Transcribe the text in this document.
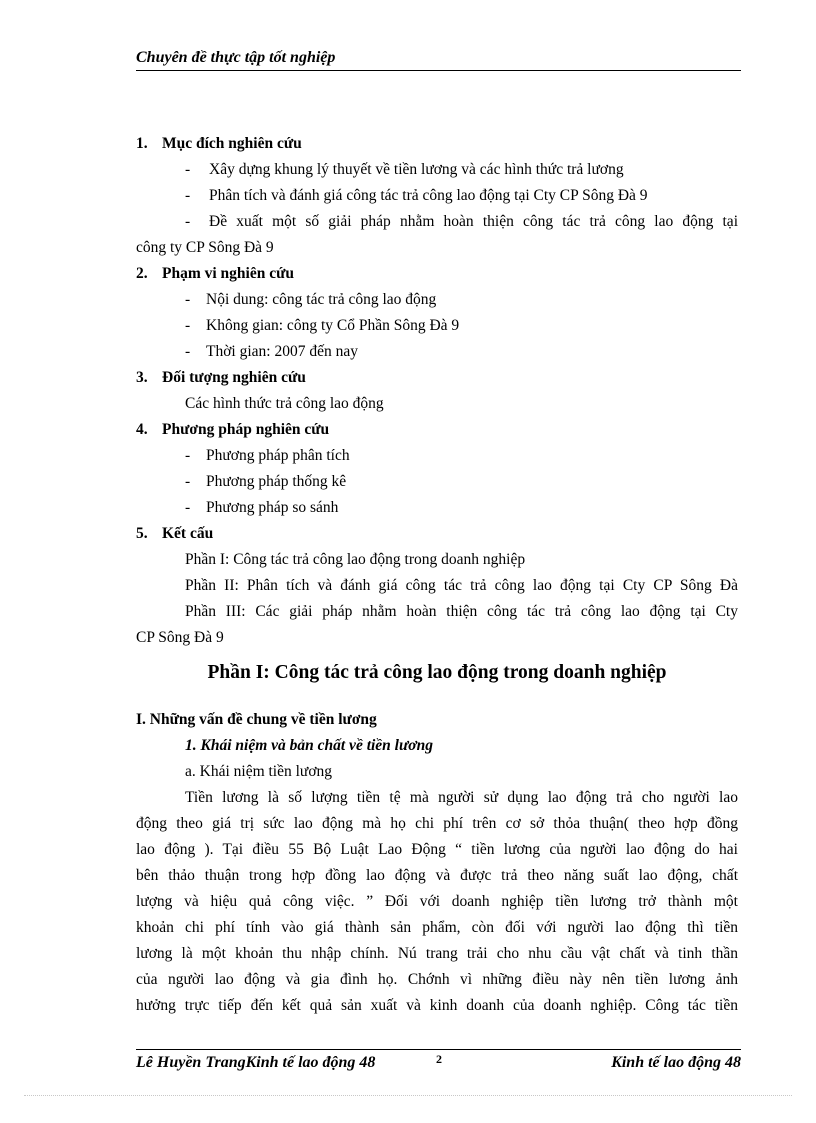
Chuyên đề thực tập tốt nghiệp
1. Mục đích nghiên cứu
- Xây dựng khung lý thuyết về tiền lương và các hình thức trả lương
- Phân tích và đánh giá công tác trả công lao động tại Cty CP Sông Đà 9
- Đề xuất một số giải pháp nhằm hoàn thiện công tác trả công lao động tại
công ty CP Sông Đà 9
2. Phạm vi nghiên cứu
- Nội dung: công tác trả công lao động
- Không gian: công ty Cổ Phần Sông Đà 9
- Thời gian: 2007 đến nay
3. Đối tượng nghiên cứu
Các hình thức trả công lao động
4. Phương pháp nghiên cứu
- Phương pháp phân tích
- Phương pháp thống kê
- Phương pháp so sánh
5. Kết cấu
Phần I: Công tác trả công lao động trong doanh nghiệp
Phần II: Phân tích và đánh giá công tác trả công lao động tại Cty CP Sông Đà
Phần III: Các giải pháp nhằm hoàn thiện công tác trả công lao động tại Cty
CP Sông Đà 9
Phần I: Công tác trả công lao động trong doanh nghiệp
I. Những vấn đề chung về tiền lương
1. Khái niệm và bản chất về tiền lương
a. Khái niệm tiền lương
Tiền lương là số lượng tiền tệ mà người sử dụng lao động trả cho người lao
động theo giá trị sức lao động mà họ chi phí trên cơ sở thỏa thuận( theo hợp đồng
lao động ). Tại điều 55 Bộ Luật Lao Động “ tiền lương của người lao động do hai
bên thảo thuận trong hợp đồng lao động và được trả theo năng suất lao động, chất
lượng và hiệu quả công việc. ” Đối với doanh nghiệp tiền lương trở thành một
khoản chi phí tính vào giá thành sản phẩm, còn đối với người lao động thì tiền
lương là một khoản thu nhập chính. Nú trang trải cho nhu cầu vật chất và tinh thần
của người lao động và gia đình họ. Chớnh vì những điều này nên tiền lương ảnh
hưởng trực tiếp đến kết quả sản xuất và kinh doanh của doanh nghiệp. Công tác tiền
Lê Huyền TrangKinh tế lao động 48	2	Kinh tế lao động 48
